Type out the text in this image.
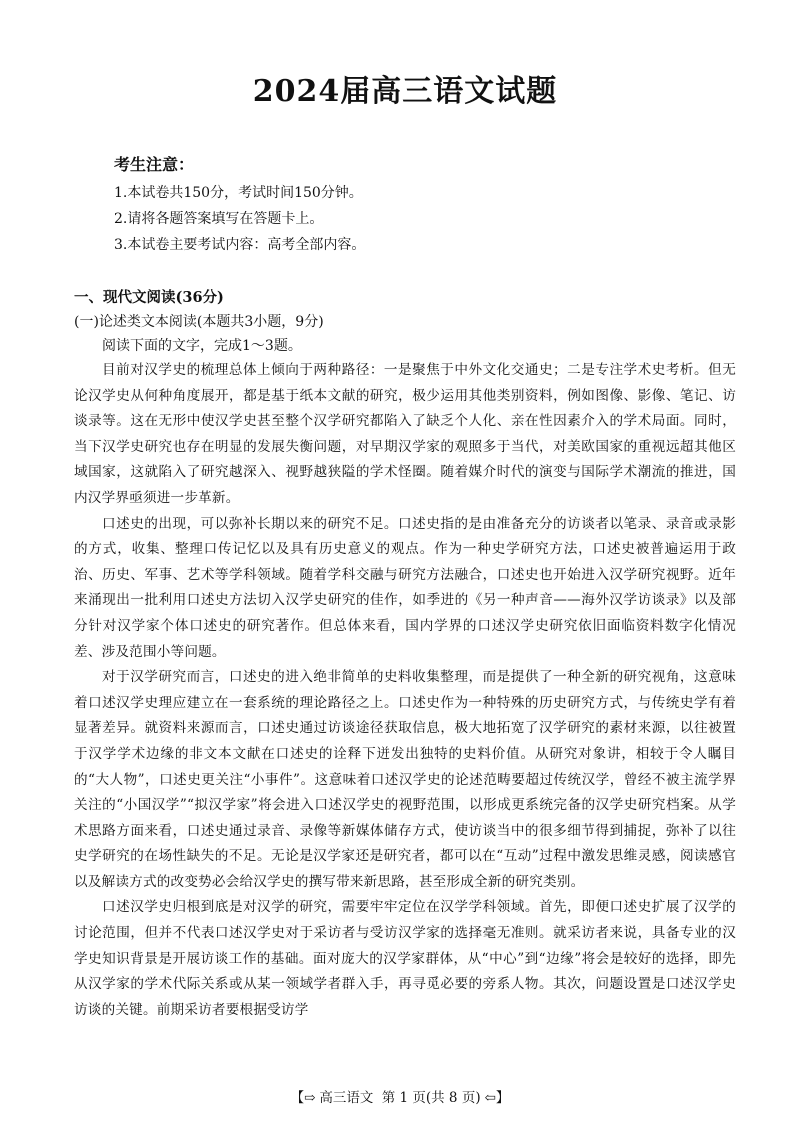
2024届高三语文试题

考生注意：

1.本试卷共150分，考试时间150分钟。

2.请将各题答案填写在答题卡上。

3.本试卷主要考试内容：高考全部内容。

一、现代文阅读(36分)

(一)论述类文本阅读(本题共3小题，9分)

阅读下面的文字，完成1～3题。

目前对汉学史的梳理总体上倾向于两种路径：一是聚焦于中外文化交通史；二是专注学术史考析。但无论汉学史从何种角度展开，都是基于纸本文献的研究，极少运用其他类别资料，例如图像、影像、笔记、访谈录等。这在无形中使汉学史甚至整个汉学研究都陷入了缺乏个人化、亲在性因素介入的学术局面。同时，当下汉学史研究也存在明显的发展失衡问题，对早期汉学家的观照多于当代，对美欧国家的重视远超其他区域国家，这就陷入了研究越深入、视野越狭隘的学术怪圈。随着媒介时代的演变与国际学术潮流的推进，国内汉学界亟须进一步革新。

口述史的出现，可以弥补长期以来的研究不足。口述史指的是由准备充分的访谈者以笔录、录音或录影的方式，收集、整理口传记忆以及具有历史意义的观点。作为一种史学研究方法，口述史被普遍运用于政治、历史、军事、艺术等学科领域。随着学科交融与研究方法融合，口述史也开始进入汉学研究视野。近年来涌现出一批利用口述史方法切入汉学史研究的佳作，如季进的《另一种声音——海外汉学访谈录》以及部分针对汉学家个体口述史的研究著作。但总体来看，国内学界的口述汉学史研究依旧面临资料数字化情况差、涉及范围小等问题。

对于汉学研究而言，口述史的进入绝非简单的史料收集整理，而是提供了一种全新的研究视角，这意味着口述汉学史理应建立在一套系统的理论路径之上。口述史作为一种特殊的历史研究方式，与传统史学有着显著差异。就资料来源而言，口述史通过访谈途径获取信息，极大地拓宽了汉学研究的素材来源，以往被置于汉学学术边缘的非文本文献在口述史的诠释下迸发出独特的史料价值。从研究对象讲，相较于令人瞩目的“大人物”，口述史更关注“小事件”。这意味着口述汉学史的论述范畴要超过传统汉学，曾经不被主流学界关注的“小国汉学”“拟汉学家”将会进入口述汉学史的视野范围，以形成更系统完备的汉学史研究档案。从学术思路方面来看，口述史通过录音、录像等新媒体储存方式，使访谈当中的很多细节得到捕捉，弥补了以往史学研究的在场性缺失的不足。无论是汉学家还是研究者，都可以在“互动”过程中激发思维灵感，阅读感官以及解读方式的改变势必会给汉学史的撰写带来新思路，甚至形成全新的研究类别。

口述汉学史归根到底是对汉学的研究，需要牢牢定位在汉学学科领域。首先，即便口述史扩展了汉学的讨论范围，但并不代表口述汉学史对于采访者与受访汉学家的选择毫无准则。就采访者来说，具备专业的汉学史知识背景是开展访谈工作的基础。面对庞大的汉学家群体，从“中心”到“边缘”将会是较好的选择，即先从汉学家的学术代际关系或从某一领域学者群入手，再寻觅必要的旁系人物。其次，问题设置是口述汉学史访谈的关键。前期采访者要根据受访学

【⇨ 高三语文 第 1 页(共 8 页) ⇦】
